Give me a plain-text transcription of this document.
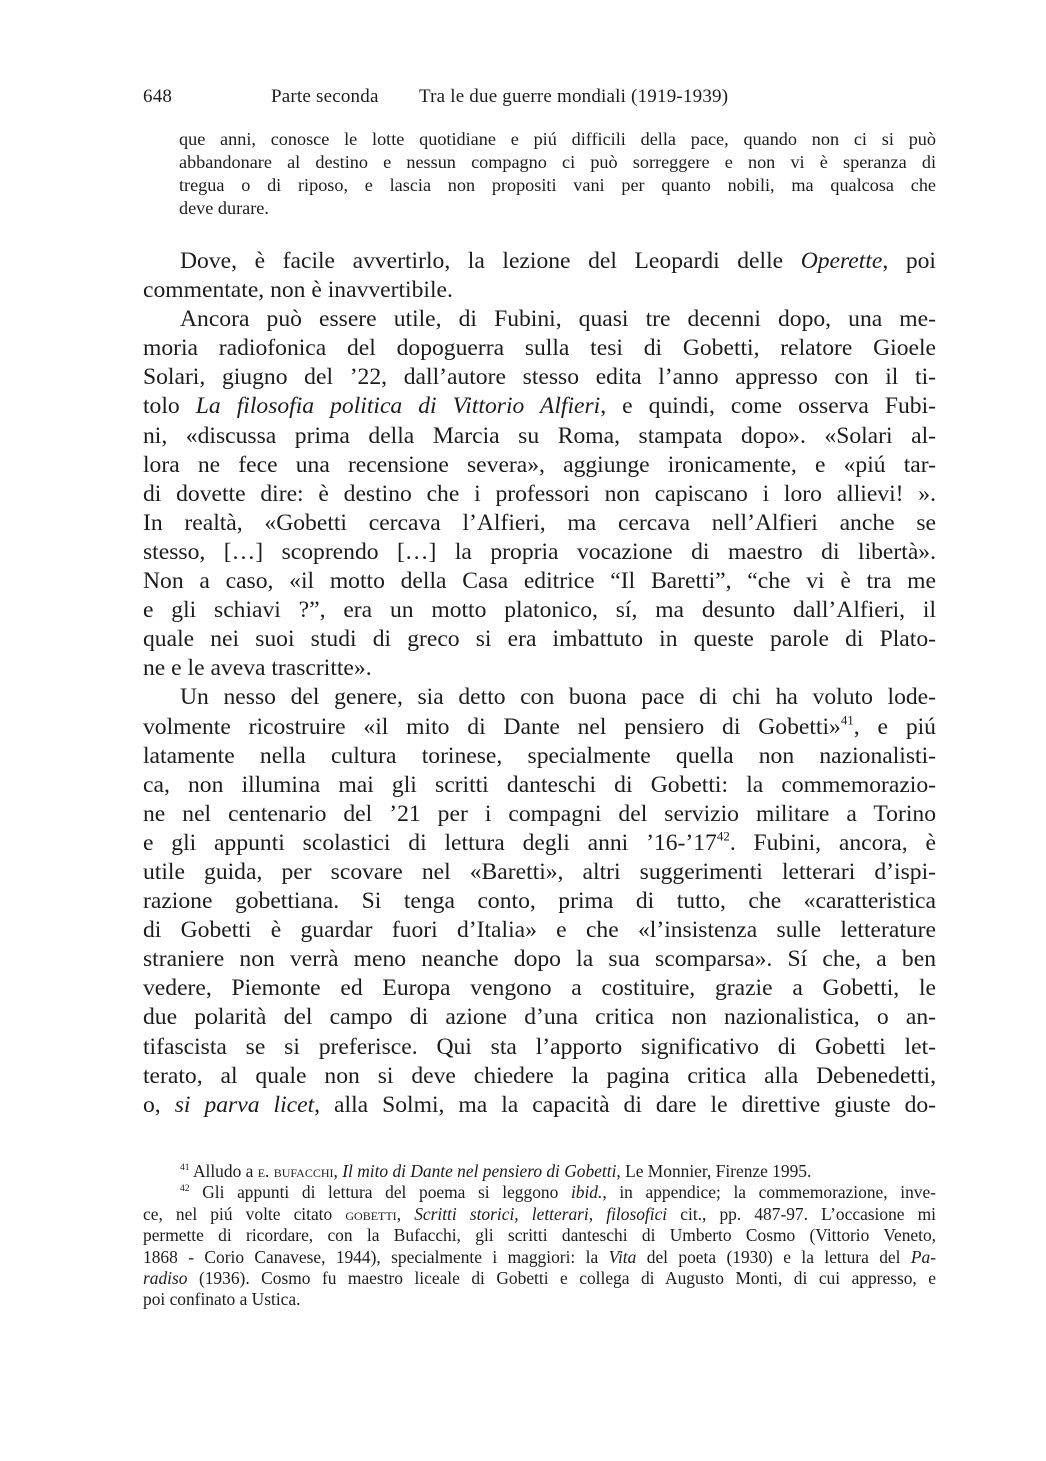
648	Parte seconda Tra le due guerre mondiali (1919-1939)
que anni, conosce le lotte quotidiane e piú difficili della pace, quando non ci si può
abbandonare al destino e nessun compagno ci può sorreggere e non vi è speranza di
tregua o di riposo, e lascia non propositi vani per quanto nobili, ma qualcosa che
deve durare.
Dove, è facile avvertirlo, la lezione del Leopardi delle Operette, poi
commentate, non è inavvertibile.
Ancora può essere utile, di Fubini, quasi tre decenni dopo, una me-
moria radiofonica del dopoguerra sulla tesi di Gobetti, relatore Gioele
Solari, giugno del ’22, dall’autore stesso edita l’anno appresso con il ti-
tolo La filosofia politica di Vittorio Alfieri, e quindi, come osserva Fubi-
ni, «discussa prima della Marcia su Roma, stampata dopo». «Solari al-
lora ne fece una recensione severa», aggiunge ironicamente, e «piú tar-
di dovette dire: è destino che i professori non capiscano i loro allievi! ».
In realtà, «Gobetti cercava l’Alfieri, ma cercava nell’Alfieri anche se
stesso, […] scoprendo […] la propria vocazione di maestro di libertà».
Non a caso, «il motto della Casa editrice “Il Baretti”, “che vi è tra me
e gli schiavi ?”, era un motto platonico, sí, ma desunto dall’Alfieri, il
quale nei suoi studi di greco si era imbattuto in queste parole di Plato-
ne e le aveva trascritte».
Un nesso del genere, sia detto con buona pace di chi ha voluto lode-
volmente ricostruire «il mito di Dante nel pensiero di Gobetti»$^{41}$, e piú
latamente nella cultura torinese, specialmente quella non nazionalisti-
ca, non illumina mai gli scritti danteschi di Gobetti: la commemorazio-
ne nel centenario del ’21 per i compagni del servizio militare a Torino
e gli appunti scolastici di lettura degli anni $’16-’17^{42}$. Fubini, ancora, è
utile guida, per scovare nel «Baretti», altri suggerimenti letterari d’ispi-
razione gobettiana. Si tenga conto, prima di tutto, che «caratteristica
di Gobetti è guardar fuori d’Italia» e che «l’insistenza sulle letterature
straniere non verrà meno neanche dopo la sua scomparsa». Sí che, a ben
vedere, Piemonte ed Europa vengono a costituire, grazie a Gobetti, le
due polarità del campo di azione d’una critica non nazionalistica, o an-
tifascista se si preferisce. Qui sta l’apporto significativo di Gobetti let-
terato, al quale non si deve chiedere la pagina critica alla Debenedetti,
o, si parva licet, alla Solmi, ma la capacità di dare le direttive giuste do-
$^{41}$ Alludo a e. bufacchi, Il mito di Dante nel pensiero di Gobetti, Le Monnier, Firenze 1995.
$^{42}$ Gli appunti di lettura del poema si leggono ibid., in appendice; la commemorazione, inve-
ce, nel piú volte citato gobetti, Scritti storici, letterari, filosofici cit., pp. 487-97. L’occasione mi
permette di ricordare, con la Bufacchi, gli scritti danteschi di Umberto Cosmo (Vittorio Veneto,
1868 - Corio Canavese, 1944), specialmente i maggiori: la Vita del poeta (1930) e la lettura del Pa-
radiso (1936). Cosmo fu maestro liceale di Gobetti e collega di Augusto Monti, di cui appresso, e
poi confinato a Ustica.
